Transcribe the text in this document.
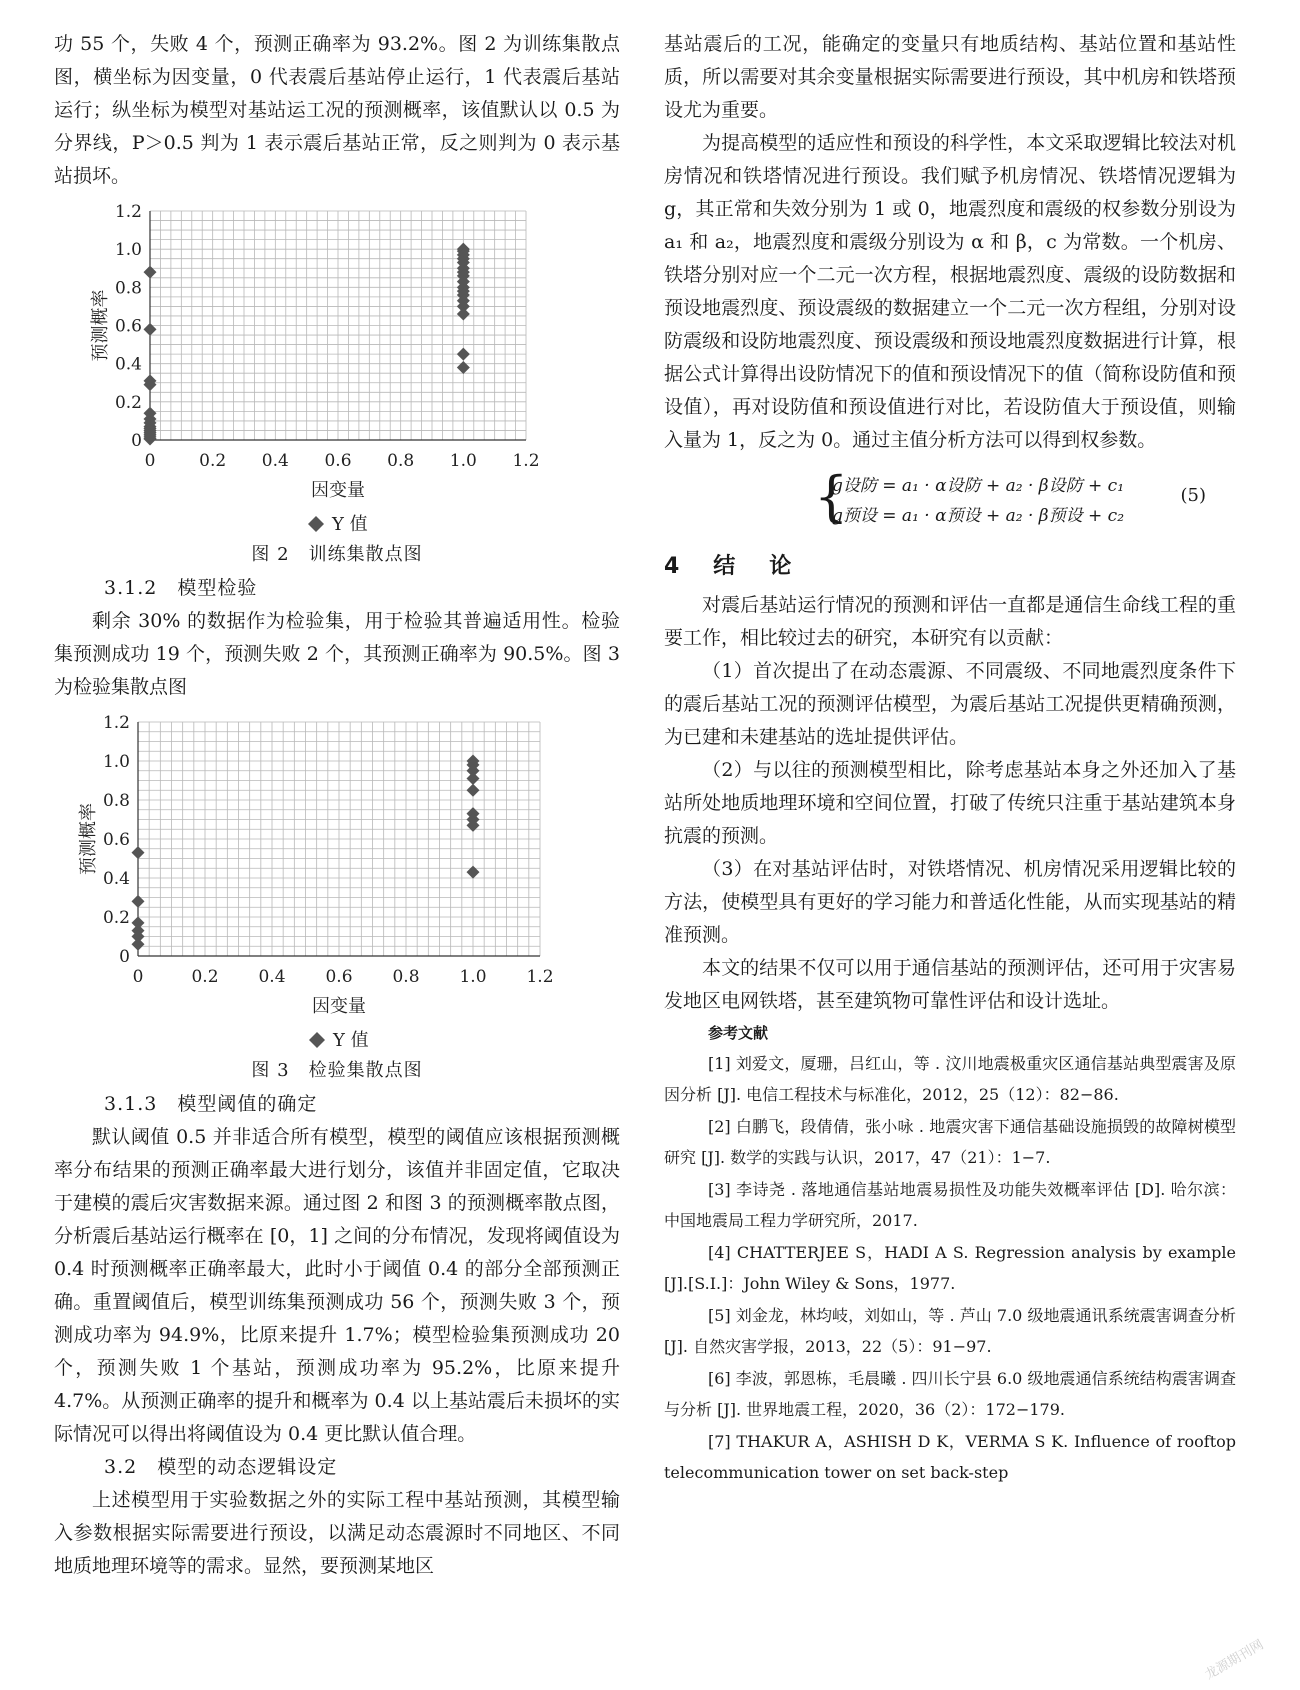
功 55 个，失败 4 个，预测正确率为 93.2%。图 2 为训练集散点图，横坐标为因变量，0 代表震后基站停止运行，1 代表震后基站运行；纵坐标为模型对基站运工况的预测概率，该值默认以 0.5 为分界线，P＞0.5 判为 1 表示震后基站正常，反之则判为 0 表示基站损坏。

0
0.2
0.4
0.6
0.8
1.0
1.2
0	0.2 0.4 0.6 0.8 1.0 1.2
因变量
预测概率
Y 值

图 2　训练集散点图

3.1.2　模型检验

剩余 30% 的数据作为检验集，用于检验其普遍适用性。检验集预测成功 19 个，预测失败 2 个，其预测正确率为 90.5%。图 3 为检验集散点图

0
0.2
0.4
0.6
0.8
1.0
1.2
0	0.2 0.4 0.6 0.8 1.0 1.2
因变量
预测概率
Y 值

图 3　检验集散点图

3.1.3　模型阈值的确定

默认阈值 0.5 并非适合所有模型，模型的阈值应该根据预测概率分布结果的预测正确率最大进行划分，该值并非固定值，它取决于建模的震后灾害数据来源。通过图 2 和图 3 的预测概率散点图，分析震后基站运行概率在 [0，1] 之间的分布情况，发现将阈值设为 0.4 时预测概率正确率最大，此时小于阈值 0.4 的部分全部预测正确。重置阈值后，模型训练集预测成功 56 个，预测失败 3 个，预测成功率为 94.9%，比原来提升 1.7%；模型检验集预测成功 20 个，预测失败 1 个基站，预测成功率为 95.2%，比原来提升 4.7%。从预测正确率的提升和概率为 0.4 以上基站震后未损坏的实际情况可以得出将阈值设为 0.4 更比默认值合理。

3.2　模型的动态逻辑设定

上述模型用于实验数据之外的实际工程中基站预测，其模型输入参数根据实际需要进行预设，以满足动态震源时不同地区、不同地质地理环境等的需求。显然，要预测某地区

基站震后的工况，能确定的变量只有地质结构、基站位置和基站性质，所以需要对其余变量根据实际需要进行预设，其中机房和铁塔预设尤为重要。

为提高模型的适应性和预设的科学性，本文采取逻辑比较法对机房情况和铁塔情况进行预设。我们赋予机房情况、铁塔情况逻辑为 g，其正常和失效分别为 1 或 0，地震烈度和震级的权参数分别设为 a₁ 和 a₂，地震烈度和震级分别设为 α 和 β，c 为常数。一个机房、铁塔分别对应一个二元一次方程，根据地震烈度、震级的设防数据和预设地震烈度、预设震级的数据建立一个二元一次方程组，分别对设防震级和设防地震烈度、预设震级和预设地震烈度数据进行计算，根据公式计算得出设防情况下的值和预设情况下的值（简称设防值和预设值），再对设防值和预设值进行对比，若设防值大于预设值，则输入量为 1，反之为 0。通过主值分析方法可以得到权参数。

{
g设防 = a₁ · α设防 + a₂ · β设防 + c₁
g预设 = a₁ · α预设 + a₂ · β预设 + c₂
(5)

4　结　论

对震后基站运行情况的预测和评估一直都是通信生命线工程的重要工作，相比较过去的研究，本研究有以贡献：

（1）首次提出了在动态震源、不同震级、不同地震烈度条件下的震后基站工况的预测评估模型，为震后基站工况提供更精确预测，为已建和未建基站的选址提供评估。

（2）与以往的预测模型相比，除考虑基站本身之外还加入了基站所处地质地理环境和空间位置，打破了传统只注重于基站建筑本身抗震的预测。

（3）在对基站评估时，对铁塔情况、机房情况采用逻辑比较的方法，使模型具有更好的学习能力和普适化性能，从而实现基站的精准预测。

本文的结果不仅可以用于通信基站的预测评估，还可用于灾害易发地区电网铁塔，甚至建筑物可靠性评估和设计选址。

参考文献

[1] 刘爱文，厦珊，吕红山，等 . 汶川地震极重灾区通信基站典型震害及原因分析 [J]. 电信工程技术与标准化，2012，25（12）：82−86.

[2] 白鹏飞，段倩倩，张小咏 . 地震灾害下通信基础设施损毁的故障树模型研究 [J]. 数学的实践与认识，2017，47（21）：1−7.

[3] 李诗尧 . 落地通信基站地震易损性及功能失效概率评估 [D]. 哈尔滨：中国地震局工程力学研究所，2017.

[4] CHATTERJEE S，HADI A S. Regression analysis by example [J].[S.I.]：John Wiley & Sons，1977.

[5] 刘金龙，林均岐，刘如山，等 . 芦山 7.0 级地震通讯系统震害调查分析 [J]. 自然灾害学报，2013，22（5）：91−97.

[6] 李波，郭恩栋，毛晨曦 . 四川长宁县 6.0 级地震通信系统结构震害调查与分析 [J]. 世界地震工程，2020，36（2）：172−179.

[7] THAKUR A，ASHISH D K，VERMA S K. Influence of rooftop telecommunication tower on set back-step

龙源期刊网
